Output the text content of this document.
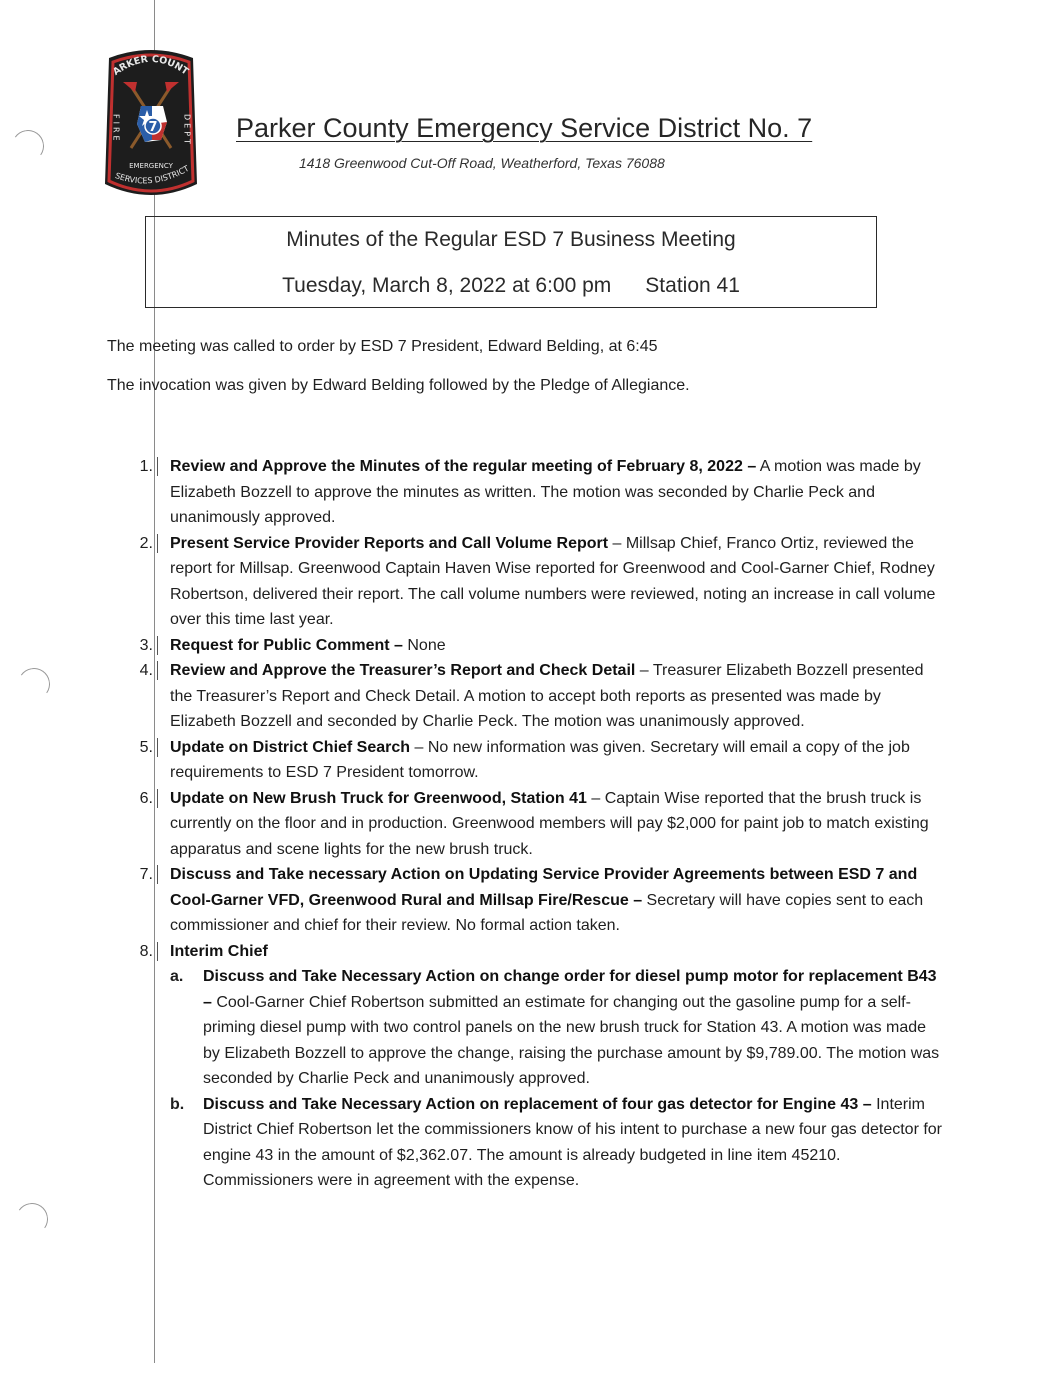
ARKER COUNT
7
FIRE	DEPT
EMERGENCY
SERVICES DISTRICT
Parker County Emergency Service District No. 7
1418 Greenwood Cut-Off Road, Weatherford, Texas 76088
Minutes of the Regular ESD 7 Business Meeting
Tuesday, March 8, 2022 at 6:00 pm Station 41
The meeting was called to order by ESD 7 President, Edward Belding, at 6:45
The invocation was given by Edward Belding followed by the Pledge of Allegiance.
1. Review and Approve the Minutes of the regular meeting of February 8, 2022 – A motion was made by Elizabeth Bozzell to approve the minutes as written. The motion was seconded by Charlie Peck and unanimously approved.
2. Present Service Provider Reports and Call Volume Report – Millsap Chief, Franco Ortiz, reviewed the report for Millsap. Greenwood Captain Haven Wise reported for Greenwood and Cool-Garner Chief, Rodney Robertson, delivered their report. The call volume numbers were reviewed, noting an increase in call volume over this time last year.
3. Request for Public Comment – None
4. Review and Approve the Treasurer’s Report and Check Detail – Treasurer Elizabeth Bozzell presented the Treasurer’s Report and Check Detail. A motion to accept both reports as presented was made by Elizabeth Bozzell and seconded by Charlie Peck. The motion was unanimously approved.
5. Update on District Chief Search – No new information was given. Secretary will email a copy of the job requirements to ESD 7 President tomorrow.
6. Update on New Brush Truck for Greenwood, Station 41 – Captain Wise reported that the brush truck is currently on the floor and in production. Greenwood members will pay $2,000 for paint job to match existing apparatus and scene lights for the new brush truck.
7. Discuss and Take necessary Action on Updating Service Provider Agreements between ESD 7 and Cool-Garner VFD, Greenwood Rural and Millsap Fire/Rescue – Secretary will have copies sent to each commissioner and chief for their review. No formal action taken.
8. Interim Chief
a. Discuss and Take Necessary Action on change order for diesel pump motor for replacement B43 – Cool-Garner Chief Robertson submitted an estimate for changing out the gasoline pump for a self-priming diesel pump with two control panels on the new brush truck for Station 43. A motion was made by Elizabeth Bozzell to approve the change, raising the purchase amount by $9,789.00. The motion was seconded by Charlie Peck and unanimously approved.
b. Discuss and Take Necessary Action on replacement of four gas detector for Engine 43 – Interim District Chief Robertson let the commissioners know of his intent to purchase a new four gas detector for engine 43 in the amount of $2,362.07. The amount is already budgeted in line item 45210. Commissioners were in agreement with the expense.
